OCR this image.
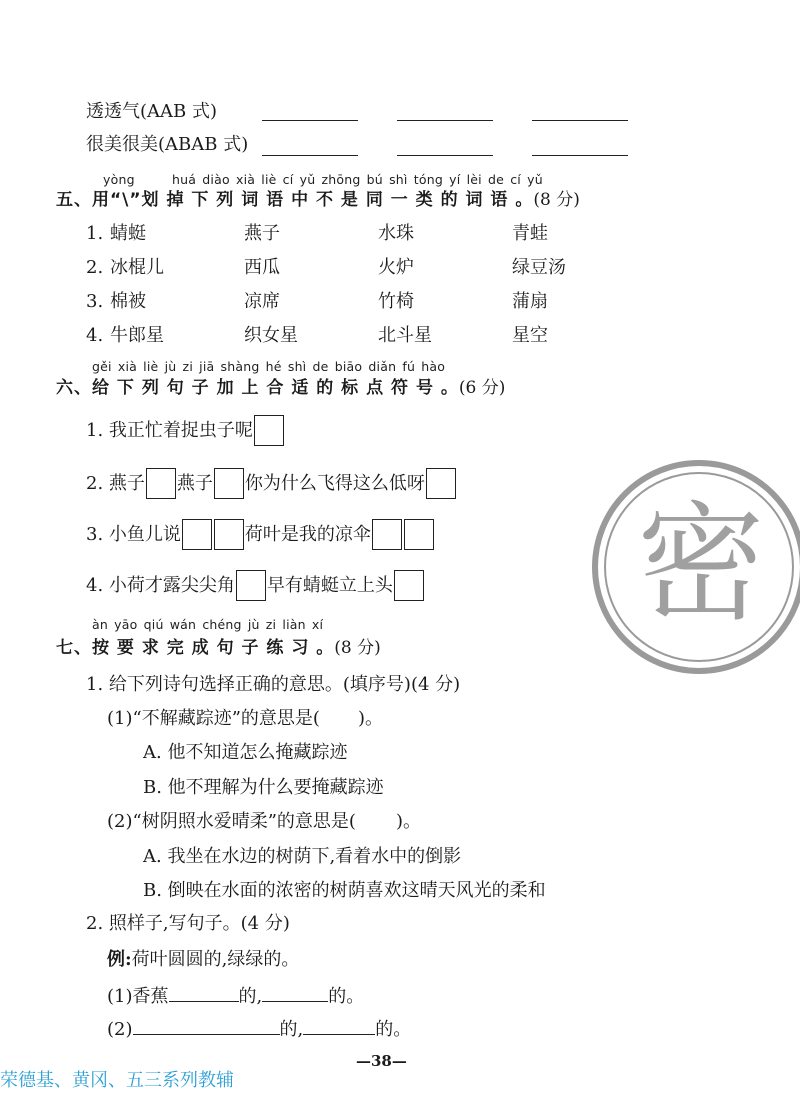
透透气(AAB 式)
很美很美(ABAB 式)
yòng	huá diào xià liè cí yǔ zhōng bú shì tóng yí lèi de cí yǔ
五、用“\”划 掉 下 列 词 语 中 不 是 同 一 类 的 词 语 。(8 分)
1. 蜻蜓	燕子	水珠	青蛙
2. 冰棍儿	西瓜	火炉	绿豆汤
3. 棉被	凉席	竹椅	蒲扇
4. 牛郎星	织女星	北斗星	星空
gěi xià liè jù zi jiā shàng hé shì de biāo diǎn fú hào
六、给 下 列 句 子 加 上 合 适 的 标 点 符 号 。(6 分)
1.
我正忙着捉虫子呢
2.
燕子 燕子 你为什么飞得这么低呀
3.
小鱼儿说	荷叶是我的凉伞
4.
小荷才露尖尖角 早有蜻蜓立上头 密
àn yāo qiú wán chéng jù zi liàn xí
七、按 要 求 完 成 句 子 练 习 。(8 分)
1. 给下列诗句选择正确的意思。(填序号)(4 分)
(1)“不解藏踪迹”的意思是( )。
A. 他不知道怎么掩藏踪迹
B. 他不理解为什么要掩藏踪迹
(2)“树阴照水爱晴柔”的意思是( )。
A. 我坐在水边的树荫下,看着水中的倒影
B. 倒映在水面的浓密的树荫喜欢这晴天风光的柔和
2. 照样子,写句子。(4 分)
例:荷叶圆圆的,绿绿的。
(1)香蕉	的,	的。
(2)	的,	的。
—38—
荣德基、黄冈、五三系列教辅
